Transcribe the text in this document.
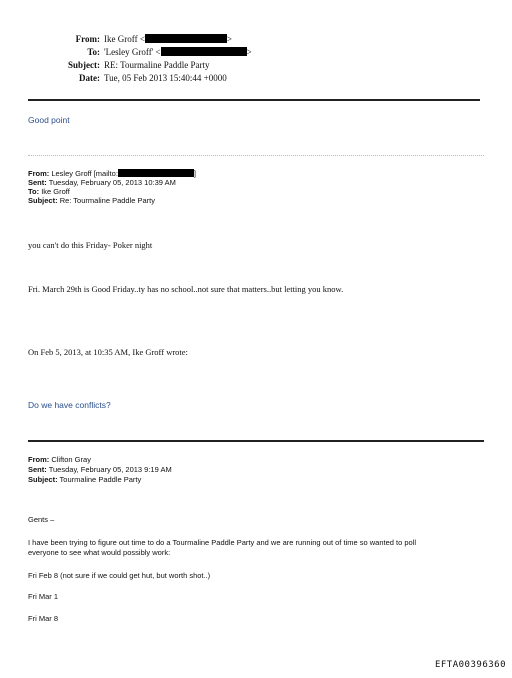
From: Ike Groff <	>
To: 'Lesley Groff' <	>
Subject: RE: Tourmaline Paddle Party
Date: Tue, 05 Feb 2013 15:40:44 +0000
Good point
From: Lesley Groff [mailto:	]
Sent: Tuesday, February 05, 2013 10:39 AM
To: Ike Groff
Subject: Re: Tourmaline Paddle Party
you can't do this Friday- Poker night
Fri. March 29th is Good Friday..ty has no school..not sure that matters..but letting you know.
On Feb 5, 2013, at 10:35 AM, Ike Groff wrote:
Do we have conflicts?
From: Clifton Gray
Sent: Tuesday, February 05, 2013 9:19 AM
Subject: Tourmaline Paddle Party
Gents –
I have been trying to figure out time to do a Tourmaline Paddle Party and we are running out of time so wanted to poll
everyone to see what would possibly work:
Fri Feb 8 (not sure if we could get hut, but worth shot..)
Fri Mar 1
Fri Mar 8
EFTA00396360
